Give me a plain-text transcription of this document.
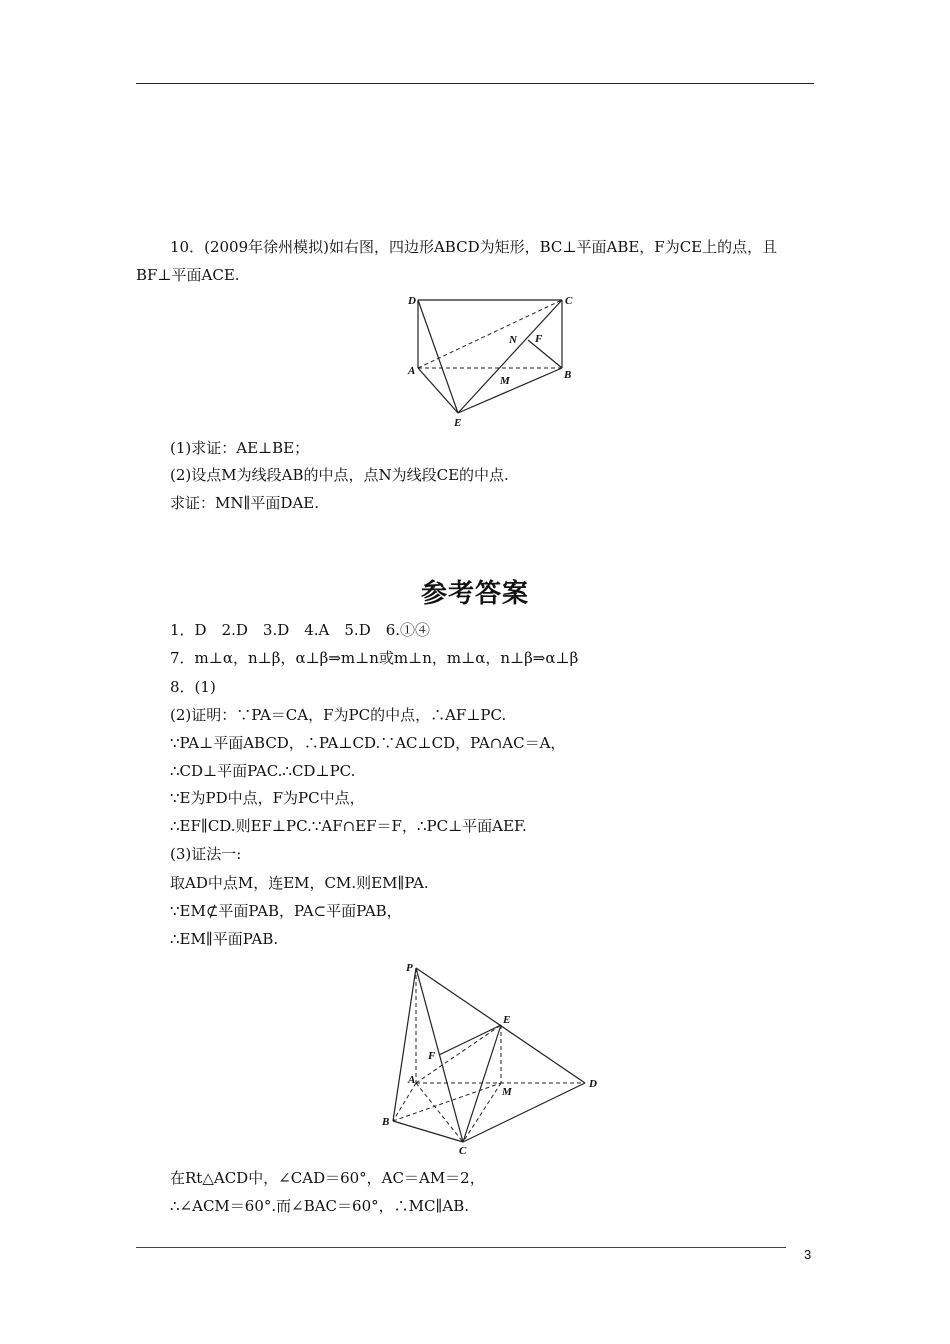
10．(2009年徐州模拟)如右图，四边形ABCD为矩形，BC⊥平面ABE，F为CE上的点，且
BF⊥平面ACE.
D	C
N F
A
M	B
E
(1)求证：AE⊥BE；
(2)设点M为线段AB的中点，点N为线段CE的中点.
求证：MN∥平面DAE.
参考答案
1．D　2.D　3.D　4.A　5.D　6.①④
7．m⊥α，n⊥β，α⊥β⇒m⊥n或m⊥n，m⊥α，n⊥β⇒α⊥β
8．(1)
(2)证明：∵PA＝CA，F为PC的中点，∴AF⊥PC.
∵PA⊥平面ABCD，∴PA⊥CD.∵AC⊥CD，PA∩AC＝A，
∴CD⊥平面PAC.∴CD⊥PC.
∵E为PD中点，F为PC中点，
∴EF∥CD.则EF⊥PC.∵AF∩EF＝F，∴PC⊥平面AEF.
(3)证法一:
取AD中点M，连EM，CM.则EM∥PA.
∵EM⊄平面PAB，PA⊂平面PAB，
∴EM∥平面PAB.
P
E
F
A
M
D
B
C
在Rt△ACD中，∠CAD＝60°，AC＝AM＝2，
∴∠ACM＝60°.而∠BAC＝60°，∴MC∥AB.
3
